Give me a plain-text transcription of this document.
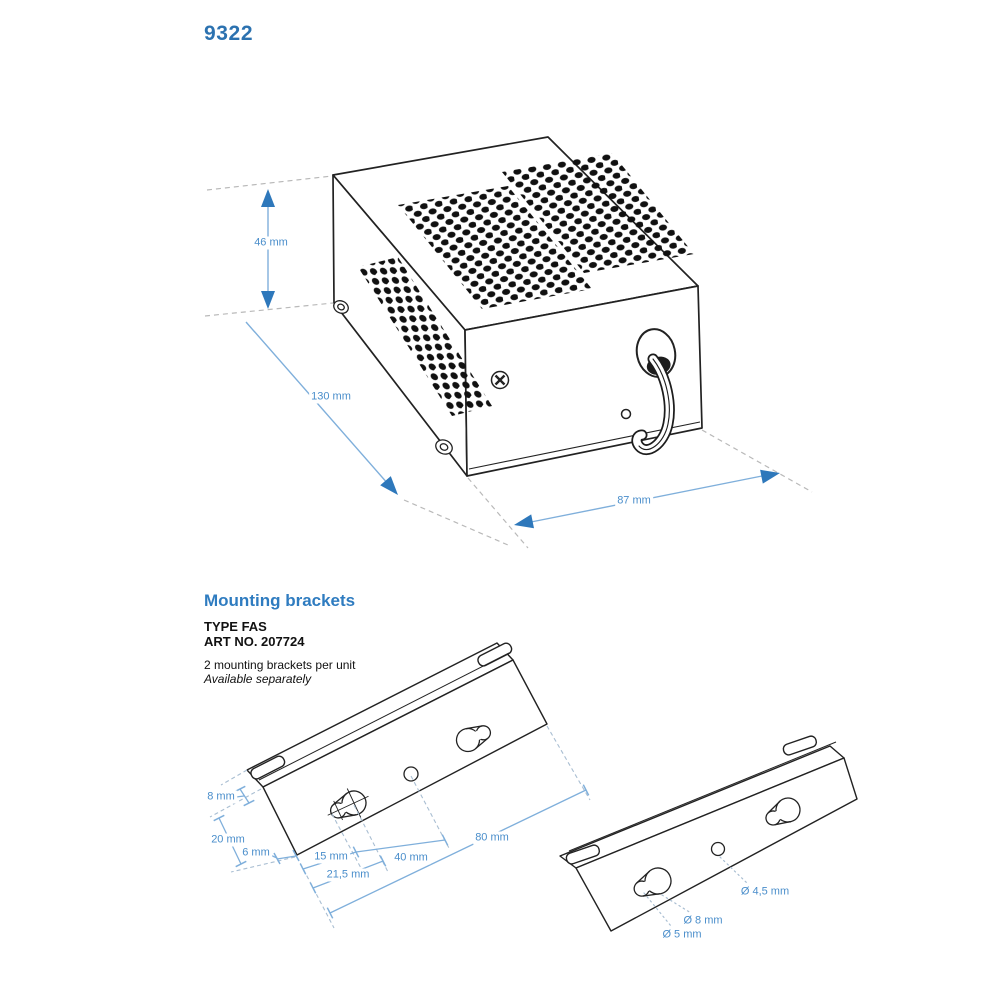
9322
46 mm
130 mm
87 mm
8 mm
20 mm
6 mm	15 mm
21,5 mm
40 mm
80 mm
Ø 4,5 mm
Ø 8 mm
Ø 5 mm
Mounting brackets
TYPE FAS
ART NO. 207724
2 mounting brackets per unit
Available separately
